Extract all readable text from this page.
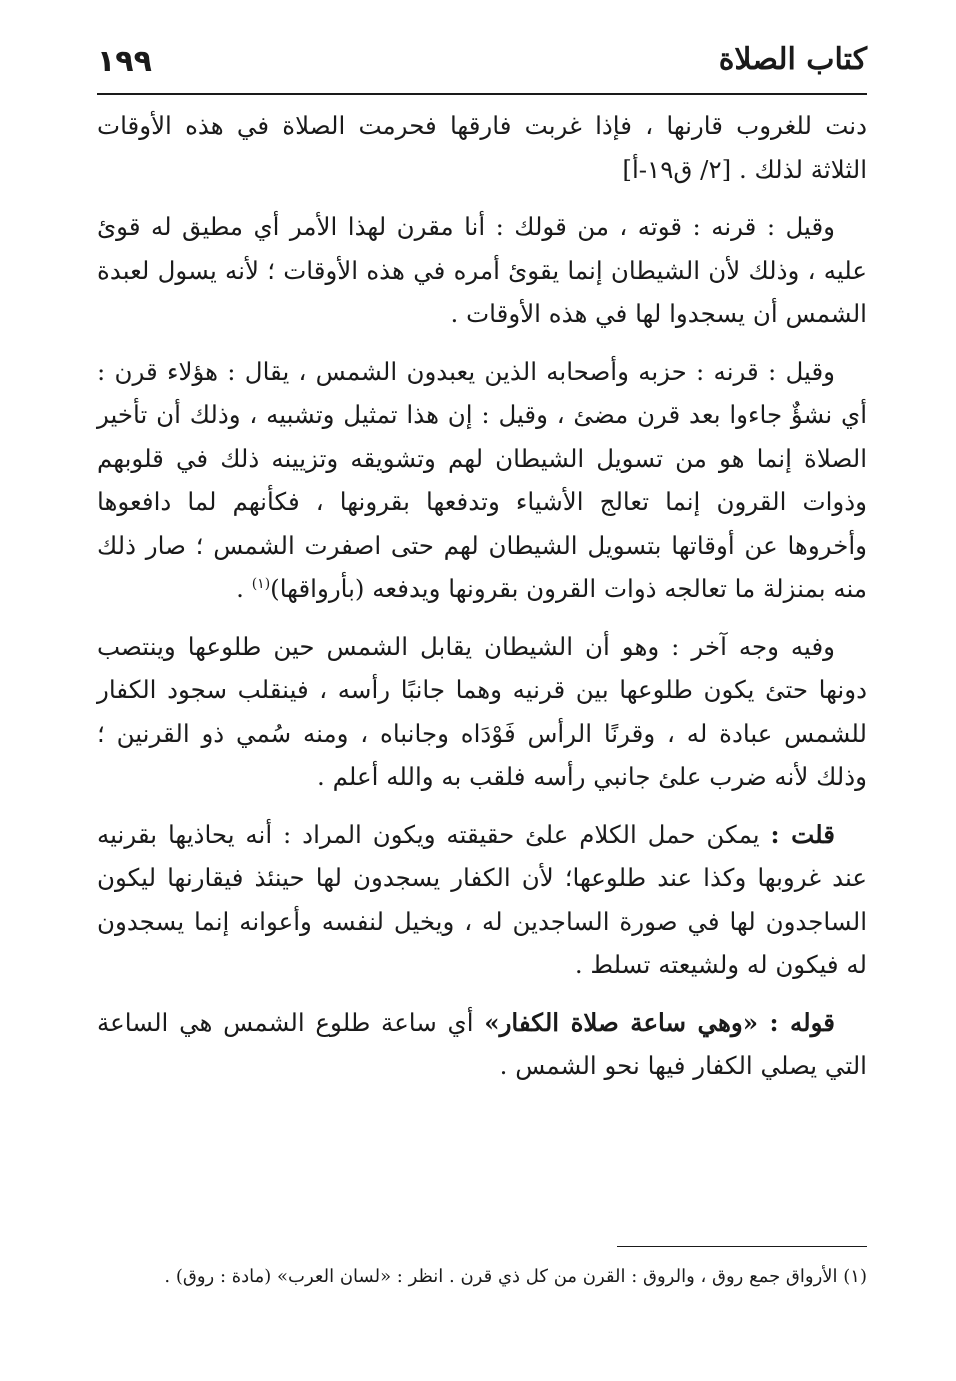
١٩٩	كتاب الصلاة

دنت للغروب قارنها ، فإذا غربت فارقها فحرمت الصلاة في هذه الأوقات الثلاثة لذلك . [٢/ ق١٩-أ]

وقيل : قرنه : قوته ، من قولك : أنا مقرن لهذا الأمر أي مطيق له قوئ عليه ، وذلك لأن الشيطان إنما يقوئ أمره في هذه الأوقات ؛ لأنه يسول لعبدة الشمس أن يسجدوا لها في هذه الأوقات .

وقيل : قرنه : حزبه وأصحابه الذين يعبدون الشمس ، يقال : هؤلاء قرن : أي نشؤٌ جاءوا بعد قرن مضئ ، وقيل : إن هذا تمثيل وتشبيه ، وذلك أن تأخير الصلاة إنما هو من تسويل الشيطان لهم وتشويقه وتزيينه ذلك في قلوبهم وذوات القرون إنما تعالج الأشياء وتدفعها بقرونها ، فكأنهم لما دافعوها وأخروها عن أوقاتها بتسويل الشيطان لهم حتى اصفرت الشمس ؛ صار ذلك منه بمنزلة ما تعالجه ذوات القرون بقرونها ويدفعه (بأرواقها)$^{(١)}$ .

وفيه وجه آخر : وهو أن الشيطان يقابل الشمس حين طلوعها وينتصب دونها حتئ يكون طلوعها بين قرنيه وهما جانبًا رأسه ، فينقلب سجود الكفار للشمس عبادة له ، وقرنًا الرأس فَوْدَاه وجانباه ، ومنه سُمي ذو القرنين ؛ وذلك لأنه ضرب علئ جانبي رأسه فلقب به والله أعلم .

قلت : يمكن حمل الكلام علئ حقيقته ويكون المراد : أنه يحاذيها بقرنيه عند غروبها وكذا عند طلوعها؛ لأن الكفار يسجدون لها حينئذ فيقارنها ليكون الساجدون لها في صورة الساجدين له ، ويخيل لنفسه وأعوانه إنما يسجدون له فيكون له ولشيعته تسلط .

قوله : «وهي ساعة صلاة الكفار» أي ساعة طلوع الشمس هي الساعة التي يصلي الكفار فيها نحو الشمس .

(١) الأرواق جمع روق ، والروق : القرن من كل ذي قرن . انظر : «لسان العرب» (مادة : روق) .
